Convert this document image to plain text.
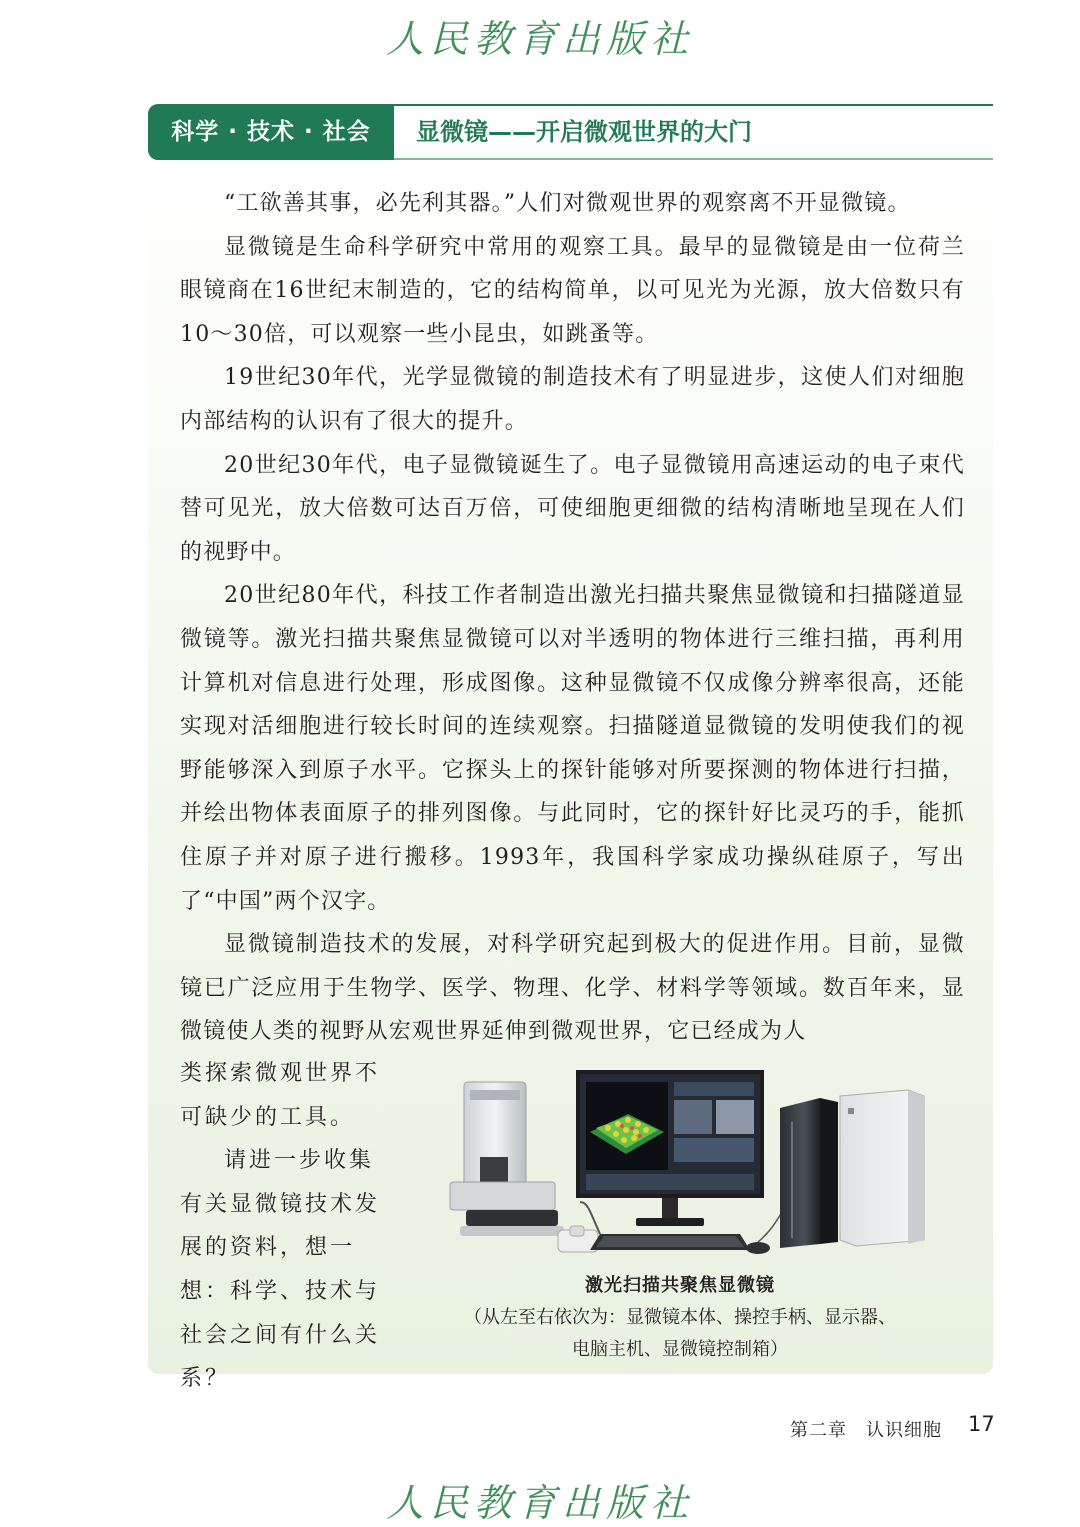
人民教育出版社
科学 · 技术 · 社会	显微镜——开启微观世界的大门

“工欲善其事，必先利其器。”人们对微观世界的观察离不开显微镜。

显微镜是生命科学研究中常用的观察工具。最早的显微镜是由一位荷兰眼镜商在16世纪末制造的，它的结构简单，以可见光为光源，放大倍数只有10～30倍，可以观察一些小昆虫，如跳蚤等。

19世纪30年代，光学显微镜的制造技术有了明显进步，这使人们对细胞内部结构的认识有了很大的提升。

20世纪30年代，电子显微镜诞生了。电子显微镜用高速运动的电子束代替可见光，放大倍数可达百万倍，可使细胞更细微的结构清晰地呈现在人们的视野中。

20世纪80年代，科技工作者制造出激光扫描共聚焦显微镜和扫描隧道显微镜等。激光扫描共聚焦显微镜可以对半透明的物体进行三维扫描，再利用计算机对信息进行处理，形成图像。这种显微镜不仅成像分辨率很高，还能实现对活细胞进行较长时间的连续观察。扫描隧道显微镜的发明使我们的视野能够深入到原子水平。它探头上的探针能够对所要探测的物体进行扫描，并绘出物体表面原子的排列图像。与此同时，它的探针好比灵巧的手，能抓住原子并对原子进行搬移。1993年，我国科学家成功操纵硅原子，写出了“中国”两个汉字。

显微镜制造技术的发展，对科学研究起到极大的促进作用。目前，显微镜已广泛应用于生物学、医学、物理、化学、材料学等领域。数百年来，显微镜使人类的视野从宏观世界延伸到微观世界，它已经成为人

类探索微观世界不

可缺少的工具。

请进一步收集有关显微镜技术发展的资料，想一想：科学、技术与社会之间有什么关系？

激光扫描共聚焦显微镜
（从左至右依次为：显微镜本体、操控手柄、显示器、
电脑主机、显微镜控制箱）
第二章　认识细胞 17
人民教育出版社
